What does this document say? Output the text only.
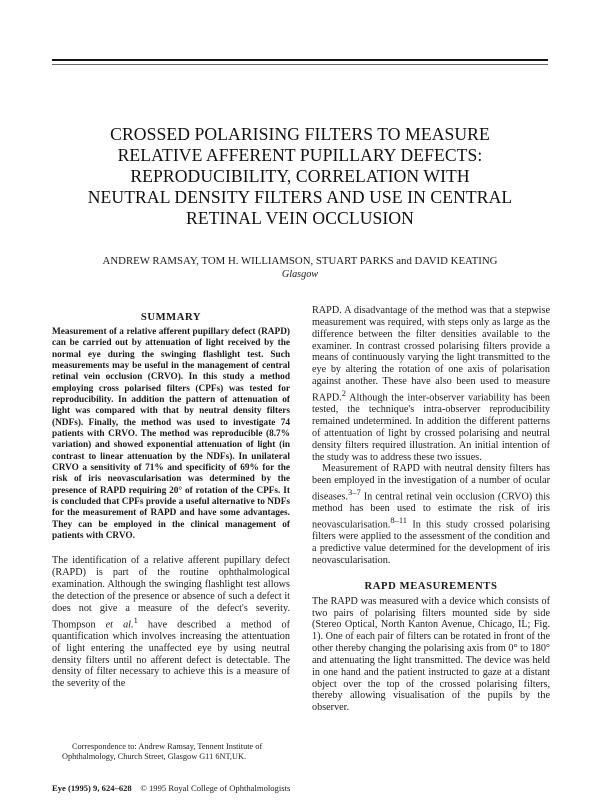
CROSSED POLARISING FILTERS TO MEASURE
RELATIVE AFFERENT PUPILLARY DEFECTS:
REPRODUCIBILITY, CORRELATION WITH
NEUTRAL DENSITY FILTERS AND USE IN CENTRAL
RETINAL VEIN OCCLUSION
ANDREW RAMSAY, TOM H. WILLIAMSON, STUART PARKS and DAVID KEATING
Glasgow
SUMMARY

Measurement of a relative afferent pupillary defect (RAPD) can be carried out by attenuation of light received by the normal eye during the swinging flashlight test. Such measurements may be useful in the management of central retinal vein occlusion (CRVO). In this study a method employing cross polarised filters (CPFs) was tested for reproducibility. In addition the pattern of attenuation of light was compared with that by neutral density filters (NDFs). Finally, the method was used to investigate 74 patients with CRVO. The method was reproducible (8.7% variation) and showed exponential attenuation of light (in contrast to linear attenuation by the NDFs). In unilateral CRVO a sensitivity of 71% and specificity of 69% for the risk of iris neovascularisation was determined by the presence of RAPD requiring 20° of rotation of the CPFs. It is concluded that CPFs provide a useful alternative to NDFs for the measurement of RAPD and have some advantages. They can be employed in the clinical management of patients with CRVO.

The identification of a relative afferent pupillary defect (RAPD) is part of the routine ophthalmological examination. Although the swinging flashlight test allows the detection of the presence or absence of such a defect it does not give a measure of the defect's severity. Thompson et al.$^1$ have described a method of quantification which involves increasing the attentuation of light entering the unaffected eye by using neutral density filters until no afferent defect is detectable. The density of filter necessary to achieve this is a measure of the severity of the

RAPD. A disadvantage of the method was that a stepwise measurement was required, with steps only as large as the difference between the filter densities available to the examiner. In contrast crossed polarising filters provide a means of continuously varying the light transmitted to the eye by altering the rotation of one axis of polarisation against another. These have also been used to measure RAPD.$^2$ Although the inter-observer variability has been tested, the technique's intra-observer reproducibility remained undetermined. In addition the different patterns of attentuation of light by crossed polarising and neutral density filters required illustration. An initial intention of the study was to address these two issues.

Measurement of RAPD with neutral density filters has been employed in the investigation of a number of ocular diseases.$^{3-7}$ In central retinal vein occlusion (CRVO) this method has been used to estimate the risk of iris neovascularisation.$^{8-11}$ In this study crossed polarising filters were applied to the assessment of the condition and a predictive value determined for the development of iris neovascularisation.

RAPD MEASUREMENTS

The RAPD was measured with a device which consists of two pairs of polarising filters mounted side by side (Stereo Optical, North Kanton Avenue, Chicago, IL; Fig. 1). One of each pair of filters can be rotated in front of the other thereby changing the polarising axis from 0° to 180° and attenuating the light transmitted. The device was held in one hand and the patient instructed to gaze at a distant object over the top of the crossed polarising filters, thereby allowing visualisation of the pupils by the observer.

Correspondence to: Andrew Ramsay, Tennent Institute of Ophthalmology, Church Street, Glasgow G11 6NT,UK.
Eye (1995) 9, 624–628 © 1995 Royal College of Ophthalmologists
